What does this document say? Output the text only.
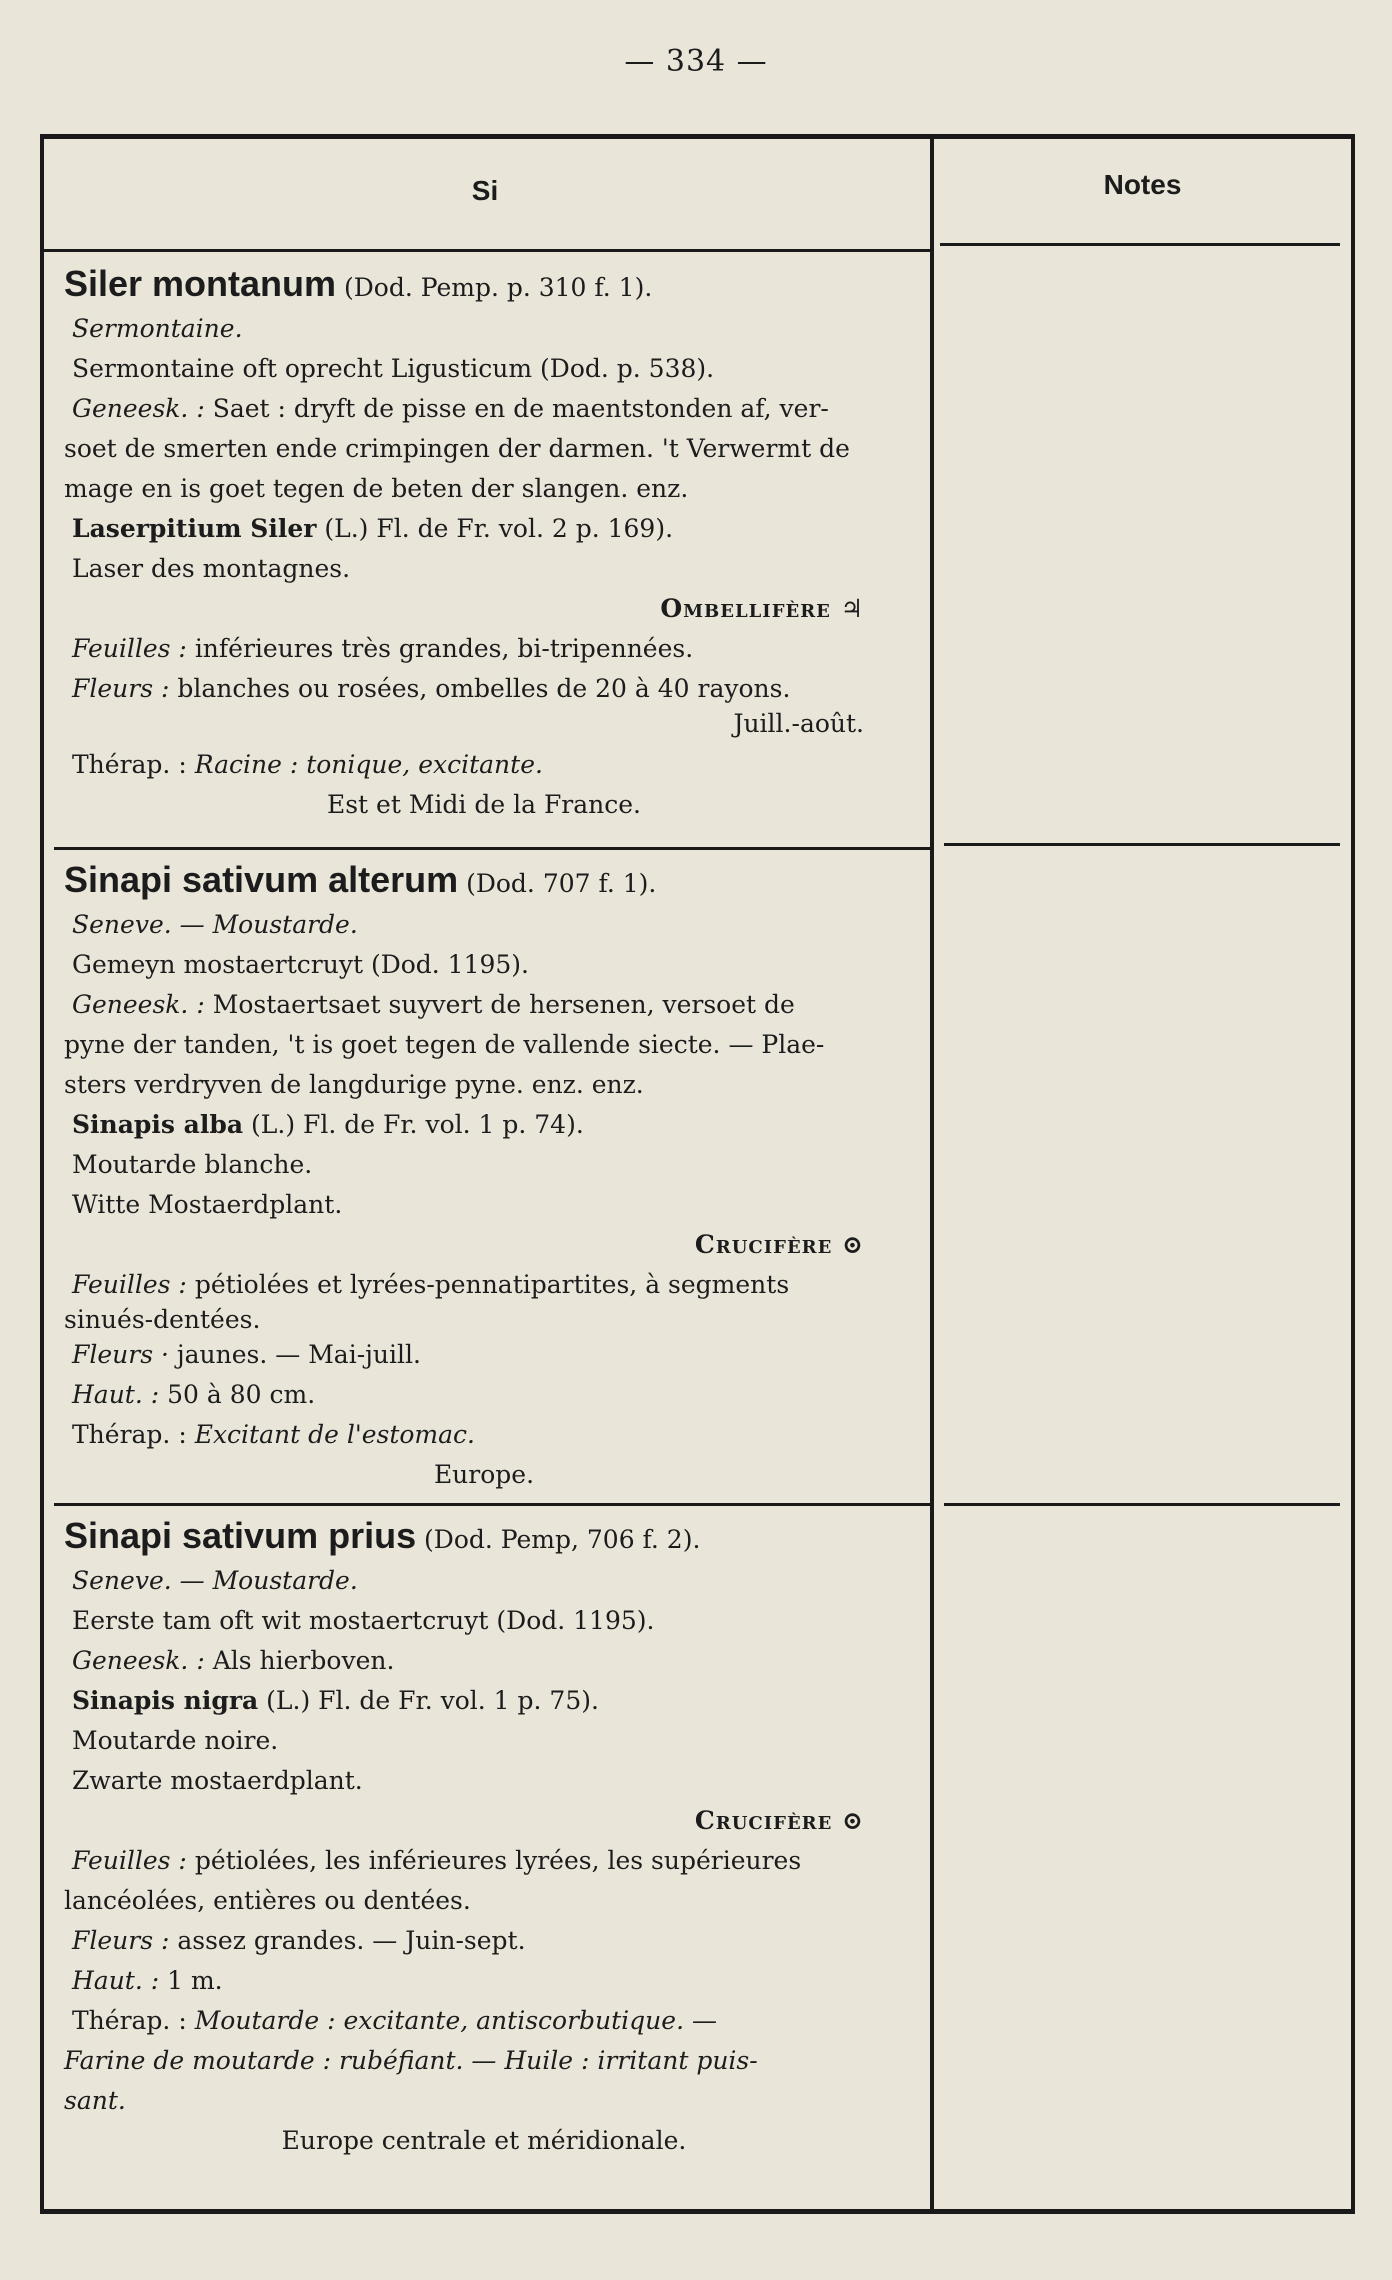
— 334 —
Si	Notes

Siler montanum (Dod. Pemp. p. 310 f. 1).

Sermontaine.

Sermontaine oft oprecht Ligusticum (Dod. p. 538).

Geneesk. : Saet : dryft de pisse en de maentstonden af, ver-

soet de smerten ende crimpingen der darmen. 't Verwermt de

mage en is goet tegen de beten der slangen. enz.

Laserpitium Siler (L.) Fl. de Fr. vol. 2 p. 169).

Laser des montagnes.

Ombellifère ♃

Feuilles : inférieures très grandes, bi-tripennées.

Fleurs : blanches ou rosées, ombelles de 20 à 40 rayons.

Juill.-août.

Thérap. : Racine : tonique, excitante.

Est et Midi de la France.

Sinapi sativum alterum (Dod. 707 f. 1).

Seneve. — Moustarde.

Gemeyn mostaertcruyt (Dod. 1195).

Geneesk. : Mostaertsaet suyvert de hersenen, versoet de

pyne der tanden, 't is goet tegen de vallende siecte. — Plae-

sters verdryven de langdurige pyne. enz. enz.

Sinapis alba (L.) Fl. de Fr. vol. 1 p. 74).

Moutarde blanche.

Witte Mostaerdplant.

Crucifère ⊙

Feuilles : pétiolées et lyrées-pennatipartites, à segments

sinués-dentées.

Fleurs · jaunes. — Mai-juill.

Haut. : 50 à 80 cm.

Thérap. : Excitant de l'estomac.

Europe.

Sinapi sativum prius (Dod. Pemp, 706 f. 2).

Seneve. — Moustarde.

Eerste tam oft wit mostaertcruyt (Dod. 1195).

Geneesk. : Als hierboven.

Sinapis nigra (L.) Fl. de Fr. vol. 1 p. 75).

Moutarde noire.

Zwarte mostaerdplant.

Crucifère ⊙

Feuilles : pétiolées, les inférieures lyrées, les supérieures

lancéolées, entières ou dentées.

Fleurs : assez grandes. — Juin-sept.

Haut. : 1 m.

Thérap. : Moutarde : excitante, antiscorbutique. —

Farine de moutarde : rubéfiant. — Huile : irritant puis-

sant.

Europe centrale et méridionale.
